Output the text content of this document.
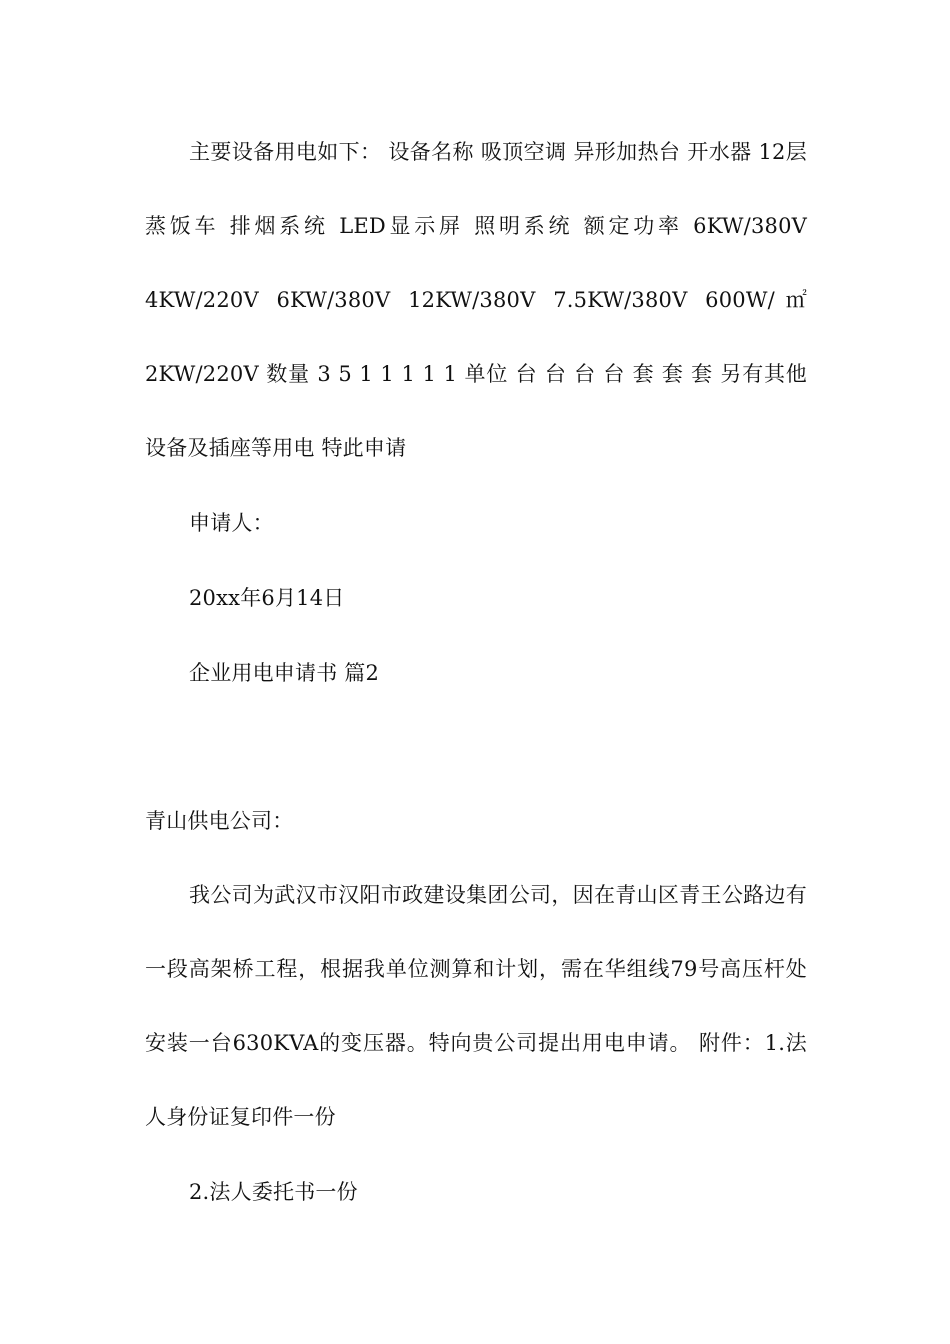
主要设备用电如下： 设备名称 吸顶空调 异形加热台 开水器 12层蒸饭车 排烟系统 LED显示屏 照明系统 额定功率 6KW/380V 4KW/220V 6KW/380V 12KW/380V 7.5KW/380V 600W/㎡ 2KW/220V 数量 3 5 1 1 1 1 1 单位 台 台 台 台 套 套 套 另有其他设备及插座等用电 特此申请

申请人：

20xx年6月14日

企业用电申请书 篇2

青山供电公司：

我公司为武汉市汉阳市政建设集团公司，因在青山区青王公路边有一段高架桥工程，根据我单位测算和计划，需在华组线79号高压杆处安装一台630KVA的变压器。特向贵公司提出用电申请。 附件：1.法人身份证复印件一份

2.法人委托书一份
